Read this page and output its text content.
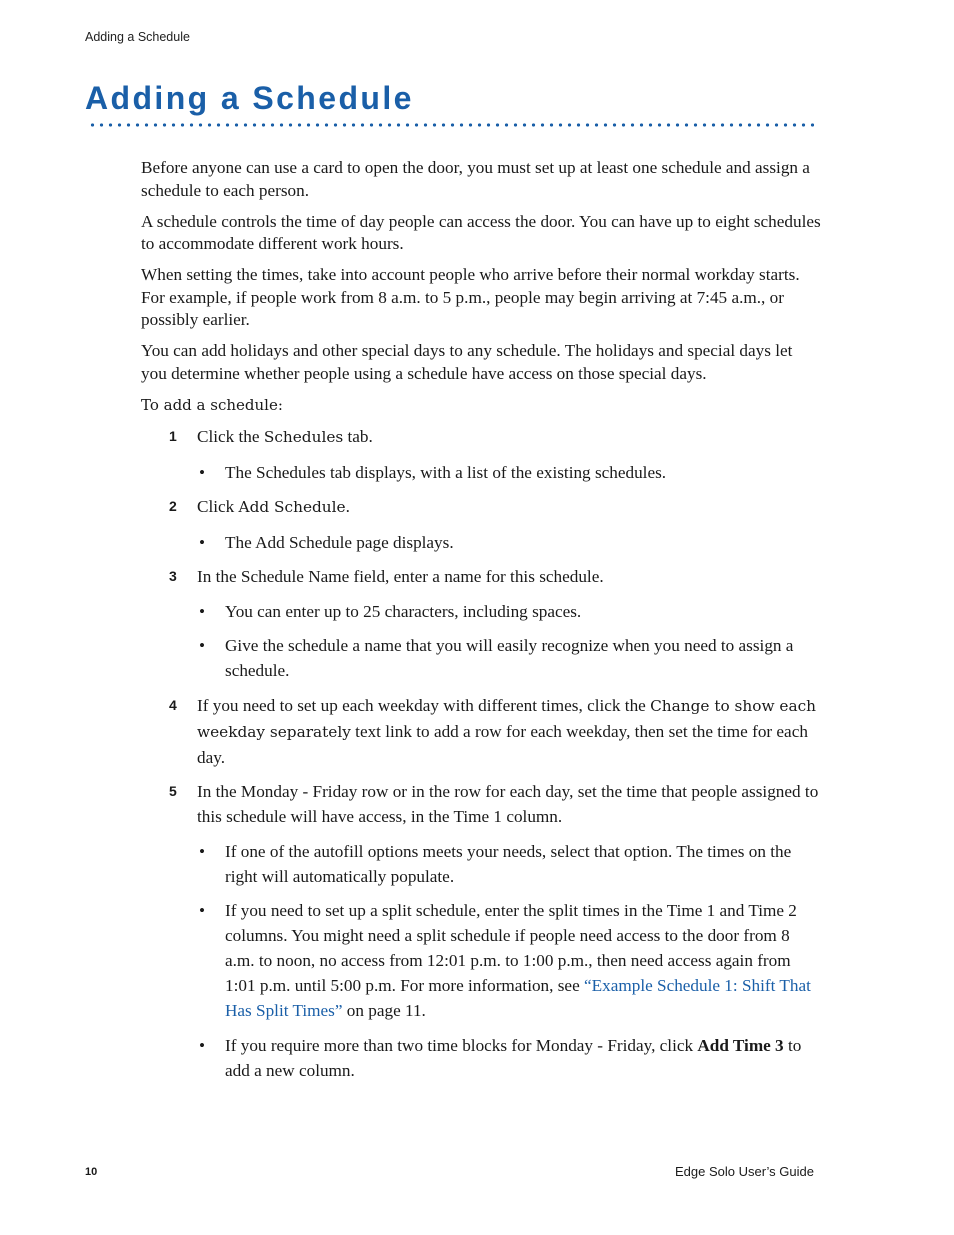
Adding a Schedule
Adding a Schedule

Before anyone can use a card to open the door, you must set up at least one schedule and assign a schedule to each person.

A schedule controls the time of day people can access the door. You can have up to eight schedules to accommodate different work hours.

When setting the times, take into account people who arrive before their normal workday starts. For example, if people work from 8 a.m. to 5 p.m., people may begin arriving at 7:45 a.m., or possibly earlier.

You can add holidays and other special days to any schedule. The holidays and special days let you determine whether people using a schedule have access on those special days.

To add a schedule:

1 Click the Schedules tab.
• The Schedules tab displays, with a list of the existing schedules.
2 Click Add Schedule.
• The Add Schedule page displays.
3 In the Schedule Name field, enter a name for this schedule.
• You can enter up to 25 characters, including spaces.
• Give the schedule a name that you will easily recognize when you need to assign a schedule.
4 If you need to set up each weekday with different times, click the Change to show each weekday separately text link to add a row for each weekday, then set the time for each day.
5 In the Monday - Friday row or in the row for each day, set the time that people assigned to this schedule will have access, in the Time 1 column.
• If one of the autofill options meets your needs, select that option. The times on the right will automatically populate.
• If you need to set up a split schedule, enter the split times in the Time 1 and Time 2 columns. You might need a split schedule if people need access to the door from 8 a.m. to noon, no access from 12:01 p.m. to 1:00 p.m., then need access again from 1:01 p.m. until 5:00 p.m. For more information, see “Example Schedule 1: Shift That Has Split Times” on page 11.
• If you require more than two time blocks for Monday - Friday, click Add Time 3 to add a new column.
10	Edge Solo User’s Guide
